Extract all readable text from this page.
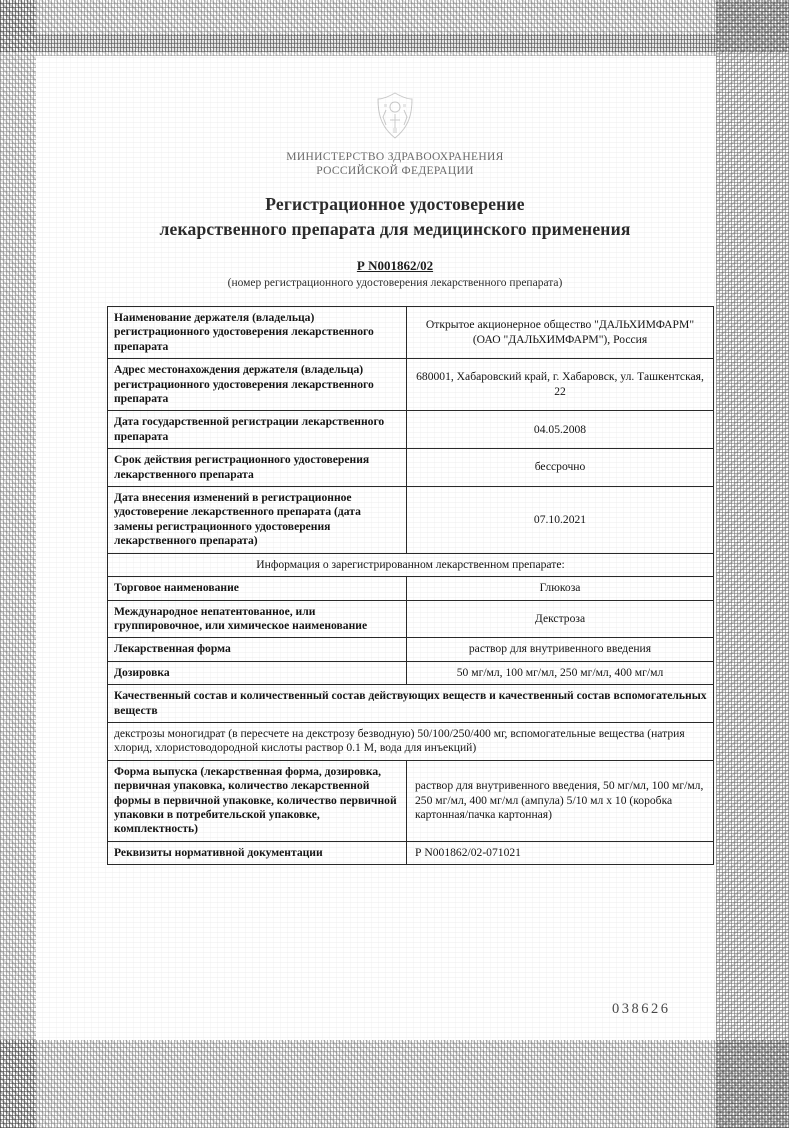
МИНИСТЕРСТВО ЗДРАВООХРАНЕНИЯ
РОССИЙСКОЙ ФЕДЕРАЦИИ
Регистрационное удостоверение
лекарственного препарата для медицинского применения
Р N001862/02
(номер регистрационного удостоверения лекарственного препарата)
Наименование держателя (владельца) регистрационного удостоверения лекарственного препарата	Открытое акционерное общество "ДАЛЬХИМФАРМ" (ОАО "ДАЛЬХИМФАРМ"), Россия
Адрес местонахождения держателя (владельца) регистрационного удостоверения лекарственного препарата	680001, Хабаровский край, г. Хабаровск, ул. Ташкентская, 22
Дата государственной регистрации лекарственного препарата	04.05.2008
Срок действия регистрационного удостоверения лекарственного препарата	бессрочно
Дата внесения изменений в регистрационное удостоверение лекарственного препарата (дата замены регистрационного удостоверения лекарственного препарата)	07.10.2021
Информация о зарегистрированном лекарственном препарате:	
Торговое наименование	Глюкоза
Международное непатентованное, или группировочное, или химическое наименование	Декстроза
Лекарственная форма	раствор для внутривенного введения
Дозировка	50 мг/мл, 100 мг/мл, 250 мг/мл, 400 мг/мл
Качественный состав и количественный состав действующих веществ и качественный состав вспомогательных веществ	
декстрозы моногидрат (в пересчете на декстрозу безводную) 50/100/250/400 мг, вспомогательные вещества (натрия хлорид, хлористоводородной кислоты раствор 0.1 М, вода для инъекций)	
Форма выпуска (лекарственная форма, дозировка, первичная упаковка, количество лекарственной формы в первичной упаковке, количество первичной упаковки в потребительской упаковке, комплектность)	раствор для внутривенного введения, 50 мг/мл, 100 мг/мл, 250 мг/мл, 400 мг/мл (ампула) 5/10 мл х 10 (коробка картонная/пачка картонная)
Реквизиты нормативной документации	Р N001862/02-071021
038626
